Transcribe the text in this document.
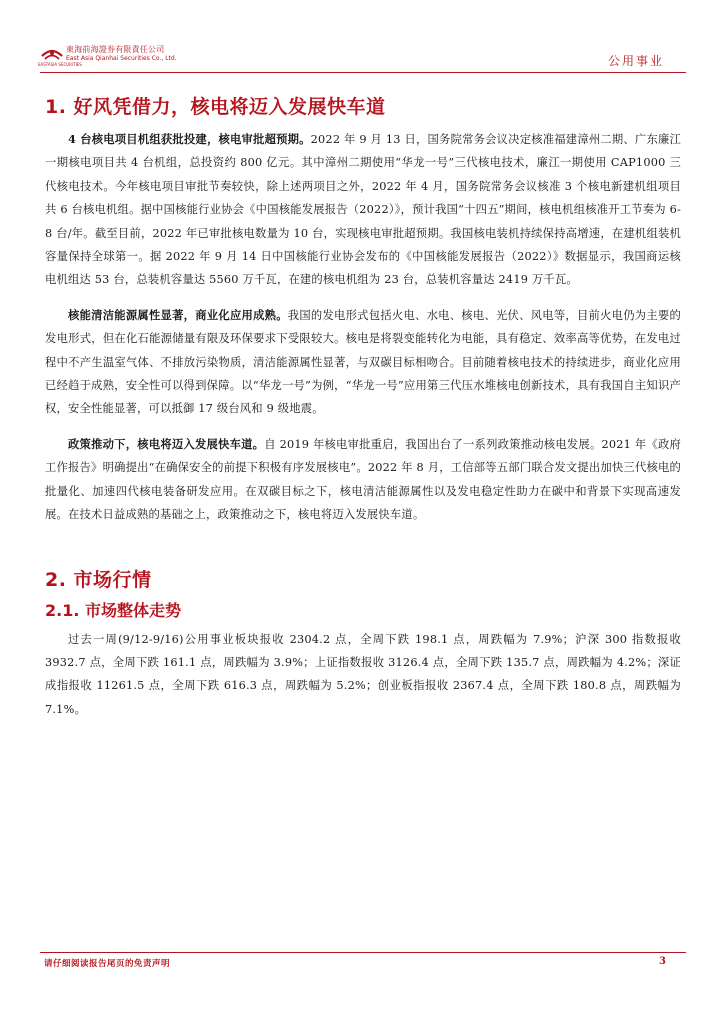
東海前海證券有限責任公司
East Asia Qianhai Securities Co., Ltd.
EASTASIA SECURITIES	公用事业
1. 好风凭借力，核电将迈入发展快车道

4 台核电项目机组获批投建，核电审批超预期。2022 年 9 月 13 日，国务院常务会议决定核准福建漳州二期、广东廉江一期核电项目共 4 台机组，总投资约 800 亿元。其中漳州二期使用“华龙一号”三代核电技术，廉江一期使用 CAP1000 三代核电技术。今年核电项目审批节奏较快，除上述两项目之外，2022 年 4 月，国务院常务会议核准 3 个核电新建机组项目共 6 台核电机组。据中国核能行业协会《中国核能发展报告（2022）》，预计我国“十四五”期间，核电机组核准开工节奏为 6-8 台/年。截至目前，2022 年已审批核电数量为 10 台，实现核电审批超预期。我国核电装机持续保持高增速，在建机组装机容量保持全球第一。据 2022 年 9 月 14 日中国核能行业协会发布的《中国核能发展报告（2022）》数据显示，我国商运核电机组达 53 台，总装机容量达 5560 万千瓦，在建的核电机组为 23 台，总装机容量达 2419 万千瓦。

核能清洁能源属性显著，商业化应用成熟。我国的发电形式包括火电、水电、核电、光伏、风电等，目前火电仍为主要的发电形式，但在化石能源储量有限及环保要求下受限较大。核电是将裂变能转化为电能，具有稳定、效率高等优势，在发电过程中不产生温室气体、不排放污染物质，清洁能源属性显著，与双碳目标相吻合。目前随着核电技术的持续进步，商业化应用已经趋于成熟，安全性可以得到保障。以“华龙一号”为例，“华龙一号”应用第三代压水堆核电创新技术，具有我国自主知识产权，安全性能显著，可以抵御 17 级台风和 9 级地震。

政策推动下，核电将迈入发展快车道。自 2019 年核电审批重启，我国出台了一系列政策推动核电发展。2021 年《政府工作报告》明确提出“在确保安全的前提下积极有序发展核电”。2022 年 8 月，工信部等五部门联合发文提出加快三代核电的批量化、加速四代核电装备研发应用。在双碳目标之下，核电清洁能源属性以及发电稳定性助力在碳中和背景下实现高速发展。在技术日益成熟的基础之上，政策推动之下，核电将迈入发展快车道。

2. 市场行情
2.1. 市场整体走势

过去一周(9/12-9/16)公用事业板块报收 2304.2 点，全周下跌 198.1 点，周跌幅为 7.9%；沪深 300 指数报收 3932.7 点，全周下跌 161.1 点，周跌幅为 3.9%；上证指数报收 3126.4 点，全周下跌 135.7 点，周跌幅为 4.2%；深证成指报收 11261.5 点，全周下跌 616.3 点，周跌幅为 5.2%；创业板指报收 2367.4 点，全周下跌 180.8 点，周跌幅为 7.1%。

请仔细阅读报告尾页的免责声明	3
